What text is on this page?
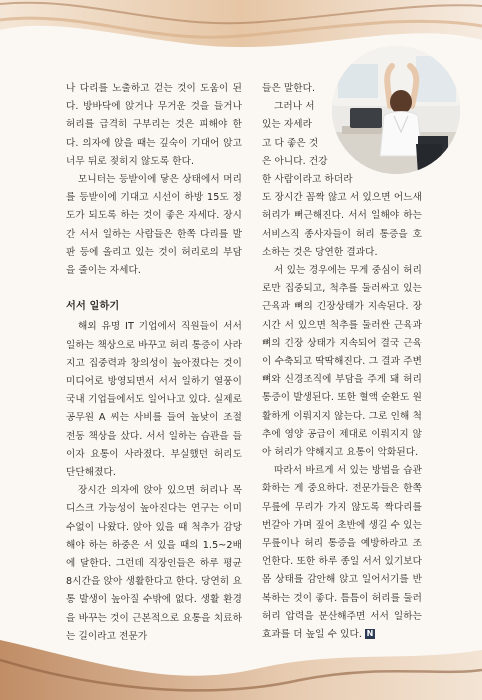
나 다리를 노출하고 걷는 것이 도움이 된다. 방바닥에 앉거나 무거운 것을 들거나 허리를 급격히 구부리는 것은 피해야 한다. 의자에 앉을 때는 깊숙이 기대어 앉고 너무 뒤로 젖히지 않도록 한다.

모니터는 등받이에 닿은 상태에서 머리를 등받이에 기대고 시선이 하방 15도 정도가 되도록 하는 것이 좋은 자세다. 장시간 서서 일하는 사람들은 한쪽 다리를 발판 등에 올리고 있는 것이 허리로의 부담을 줄이는 자세다.

서서 일하기

해외 유명 IT 기업에서 직원들이 서서 일하는 책상으로 바꾸고 허리 통증이 사라지고 집중력과 창의성이 높아졌다는 것이 미디어로 방영되면서 서서 일하기 열풍이 국내 기업들에서도 일어나고 있다. 실제로 공무원 A 씨는 사비를 들여 높낮이 조절 전동 책상을 샀다. 서서 일하는 습관을 들이자 요통이 사라졌다. 부실했던 허리도 단단해졌다.

장시간 의자에 앉아 있으면 허리나 목 디스크 가능성이 높아진다는 연구는 이미 수없이 나왔다. 앉아 있을 때 척추가 감당해야 하는 하중은 서 있을 때의 1.5~2배에 달한다. 그런데 직장인들은 하루 평균 8시간을 앉아 생활한다고 한다. 당연히 요통 발생이 높아질 수밖에 없다. 생활 환경을 바꾸는 것이 근본적으로 요통을 치료하는 길이라고 전문가

들은 말한다.

그러나 서
있는 자세라
고 다 좋은 것
은 아니다. 건강
한 사람이라고 하더라

도 장시간 꼼짝 않고 서 있으면 어느새 허리가 뻐근해진다. 서서 일해야 하는 서비스직 종사자들이 허리 통증을 호소하는 것은 당연한 결과다.

서 있는 경우에는 무게 중심이 허리로만 집중되고, 척추를 둘러싸고 있는 근육과 뼈의 긴장상태가 지속된다. 장시간 서 있으면 척추를 둘러싼 근육과 뼈의 긴장 상태가 지속되어 결국 근육이 수축되고 딱딱해진다. 그 결과 주변 뼈와 신경조직에 부담을 주게 돼 허리 통증이 발생된다. 또한 혈액 순환도 원활하게 이뤄지지 않는다. 그로 인해 척추에 영양 공급이 제대로 이뤄지지 않아 허리가 약해지고 요통이 악화된다.

따라서 바르게 서 있는 방법을 습관화하는 게 중요하다. 전문가들은 한쪽 무릎에 무리가 가지 않도록 짝다리를 번갈아 가며 짚어 초반에 생길 수 있는 무릎이나 허리 통증을 예방하라고 조언한다. 또한 하루 종일 서서 있기보다 몸 상태를 감안해 앉고 일어서기를 반복하는 것이 좋다. 틈틈이 허리를 둘러 허리 압력을 분산해주면 서서 일하는 효과를 더 높일 수 있다. N
